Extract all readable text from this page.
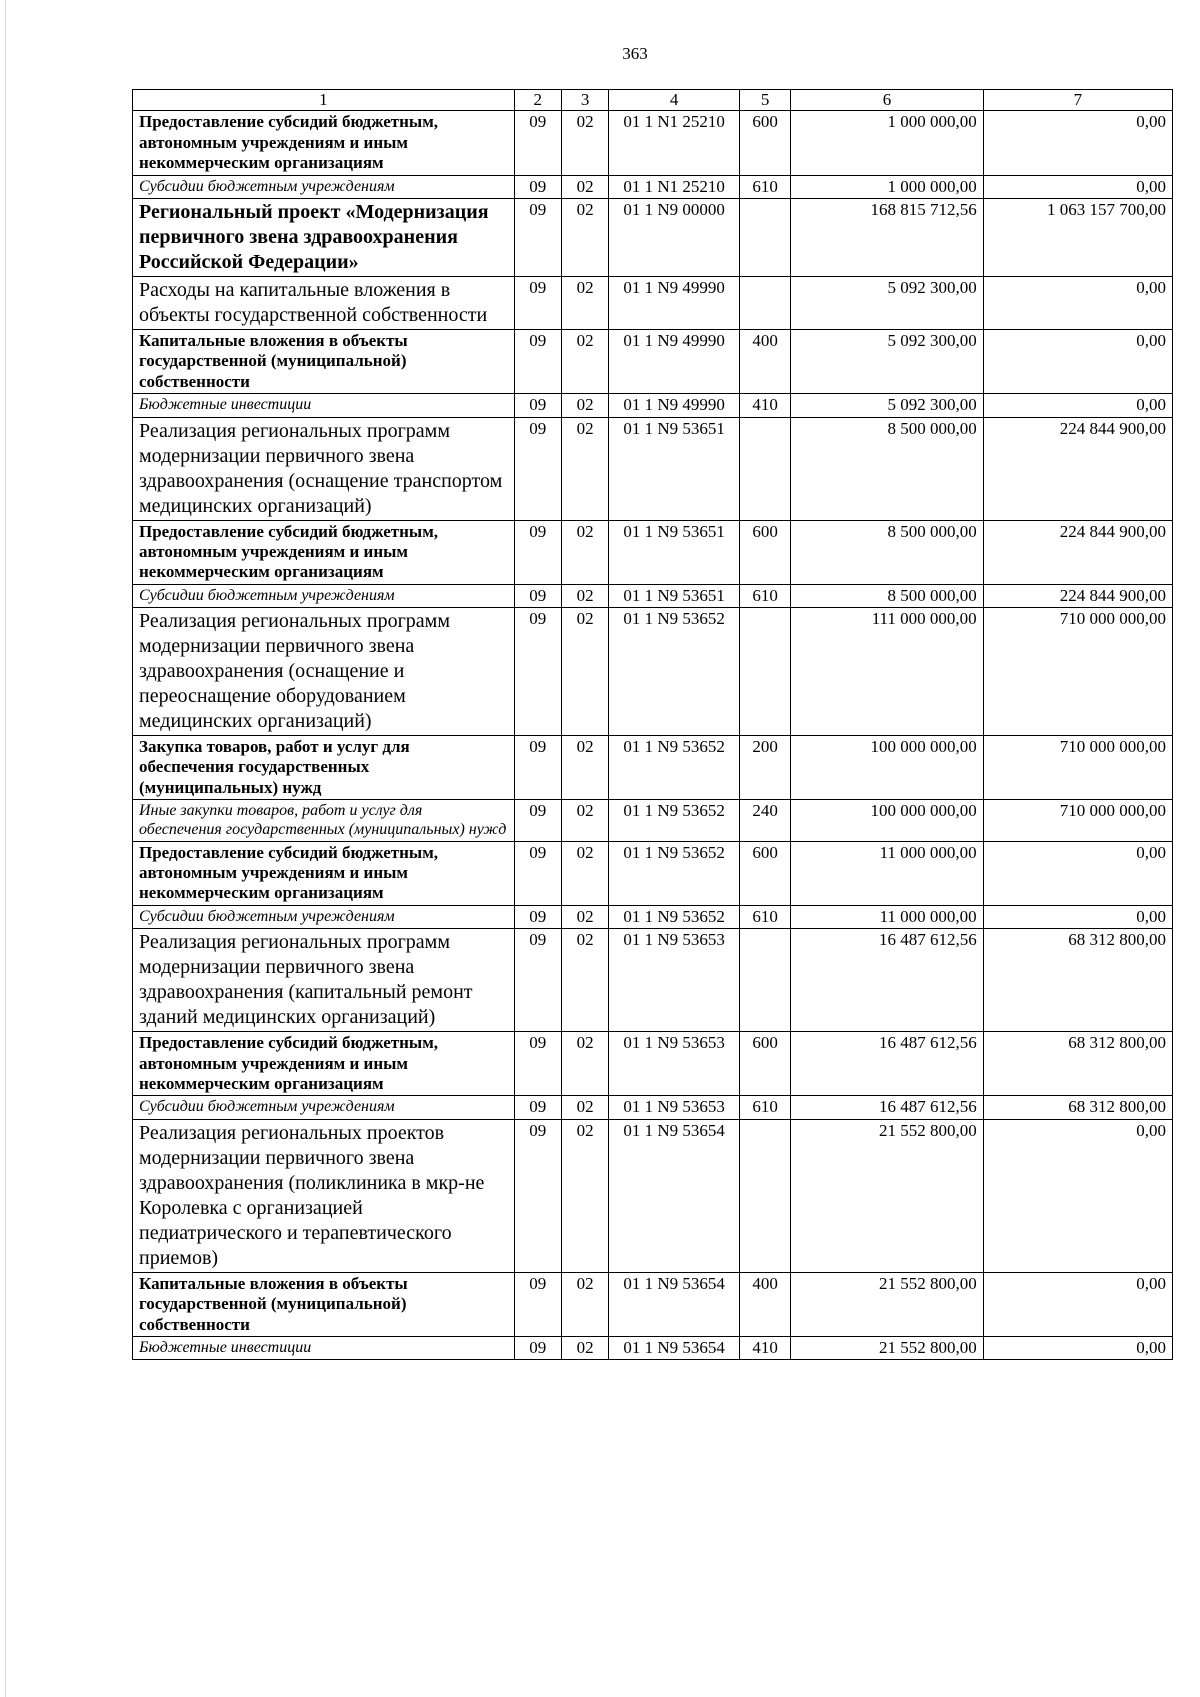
363
1	2	3	4	5	6	7
Предоставление субсидий бюджетным, автономным учреждениям и иным некоммерческим организациям	09	02	01 1 N1 25210	600	1 000 000,00	0,00
Субсидии бюджетным учреждениям	09	02	01 1 N1 25210	610	1 000 000,00	0,00
Региональный проект «Модернизация первичного звена здравоохранения Российской Федерации»	09	02	01 1 N9 00000		168 815 712,56	1 063 157 700,00
Расходы на капитальные вложения в объекты государственной собственности	09	02	01 1 N9 49990		5 092 300,00	0,00
Капитальные вложения в объекты государственной (муниципальной) собственности	09	02	01 1 N9 49990	400	5 092 300,00	0,00
Бюджетные инвестиции	09	02	01 1 N9 49990	410	5 092 300,00	0,00
Реализация региональных программ модернизации первичного звена здравоохранения (оснащение транспортом медицинских организаций)	09	02	01 1 N9 53651		8 500 000,00	224 844 900,00
Предоставление субсидий бюджетным, автономным учреждениям и иным некоммерческим организациям	09	02	01 1 N9 53651	600	8 500 000,00	224 844 900,00
Субсидии бюджетным учреждениям	09	02	01 1 N9 53651	610	8 500 000,00	224 844 900,00
Реализация региональных программ модернизации первичного звена здравоохранения (оснащение и переоснащение оборудованием медицинских организаций)	09	02	01 1 N9 53652		111 000 000,00	710 000 000,00
Закупка товаров, работ и услуг для обеспечения государственных (муниципальных) нужд	09	02	01 1 N9 53652	200	100 000 000,00	710 000 000,00
Иные закупки товаров, работ и услуг для обеспечения государственных (муниципальных) нужд	09	02	01 1 N9 53652	240	100 000 000,00	710 000 000,00
Предоставление субсидий бюджетным, автономным учреждениям и иным некоммерческим организациям	09	02	01 1 N9 53652	600	11 000 000,00	0,00
Субсидии бюджетным учреждениям	09	02	01 1 N9 53652	610	11 000 000,00	0,00
Реализация региональных программ модернизации первичного звена здравоохранения (капитальный ремонт зданий медицинских организаций)	09	02	01 1 N9 53653		16 487 612,56	68 312 800,00
Предоставление субсидий бюджетным, автономным учреждениям и иным некоммерческим организациям	09	02	01 1 N9 53653	600	16 487 612,56	68 312 800,00
Субсидии бюджетным учреждениям	09	02	01 1 N9 53653	610	16 487 612,56	68 312 800,00
Реализация региональных проектов модернизации первичного звена здравоохранения (поликлиника в мкр-не Королевка с организацией педиатрического и терапевтического приемов)	09	02	01 1 N9 53654		21 552 800,00	0,00
Капитальные вложения в объекты государственной (муниципальной) собственности	09	02	01 1 N9 53654	400	21 552 800,00	0,00
Бюджетные инвестиции	09	02	01 1 N9 53654	410	21 552 800,00	0,00
